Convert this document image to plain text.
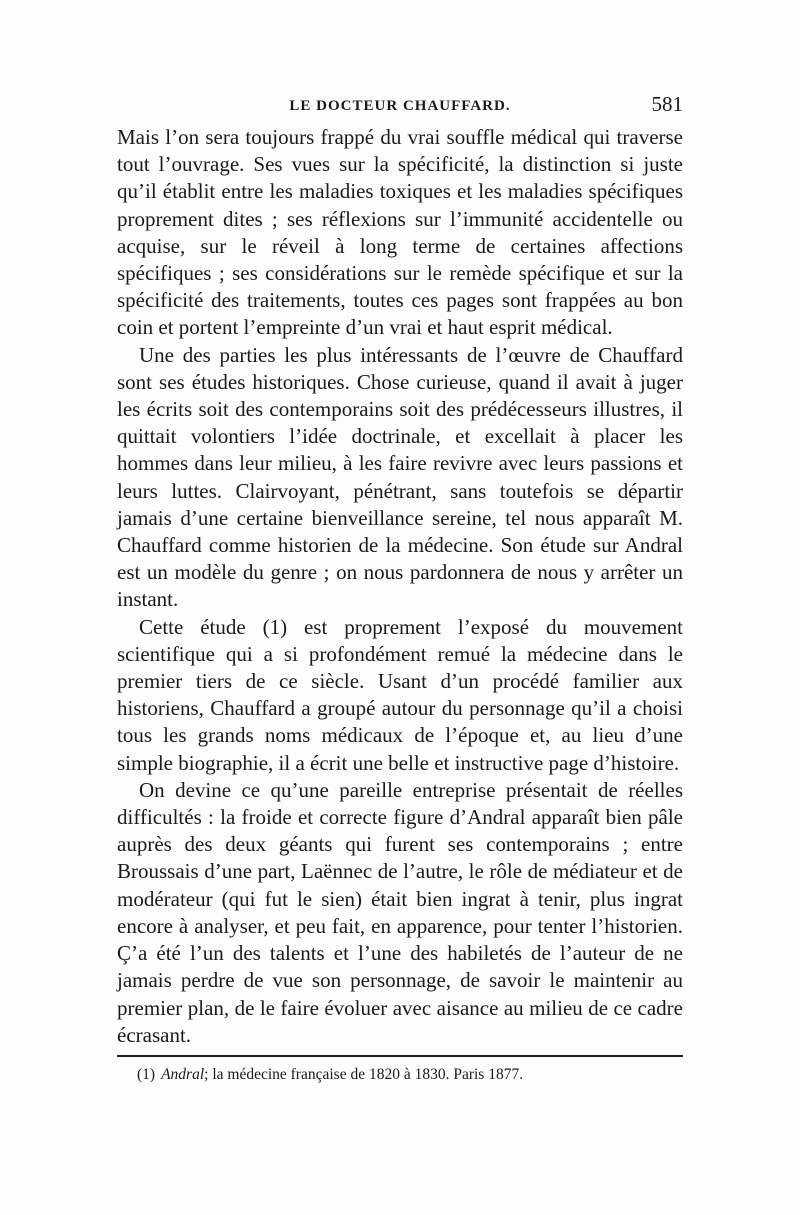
LE DOCTEUR CHAUFFARD.	581

Mais l’on sera toujours frappé du vrai souffle médical qui traverse tout l’ouvrage. Ses vues sur la spécificité, la distinction si juste qu’il établit entre les maladies toxiques et les maladies spécifiques proprement dites ; ses réflexions sur l’immunité accidentelle ou acquise, sur le réveil à long terme de certaines affections spécifiques ; ses considérations sur le remède spécifique et sur la spécificité des traitements, toutes ces pages sont frappées au bon coin et portent l’empreinte d’un vrai et haut esprit médical.

Une des parties les plus intéressants de l’œuvre de Chauffard sont ses études historiques. Chose curieuse, quand il avait à juger les écrits soit des contemporains soit des prédécesseurs illustres, il quittait volontiers l’idée doctrinale, et excellait à placer les hommes dans leur milieu, à les faire revivre avec leurs passions et leurs luttes. Clairvoyant, pénétrant, sans toutefois se départir jamais d’une certaine bienveillance sereine, tel nous apparaît M. Chauffard comme historien de la médecine. Son étude sur Andral est un modèle du genre ; on nous pardonnera de nous y arrêter un instant.

Cette étude (1) est proprement l’exposé du mouvement scientifique qui a si profondément remué la médecine dans le premier tiers de ce siècle. Usant d’un procédé familier aux historiens, Chauffard a groupé autour du personnage qu’il a choisi tous les grands noms médicaux de l’époque et, au lieu d’une simple biographie, il a écrit une belle et instructive page d’histoire.

On devine ce qu’une pareille entreprise présentait de réelles difficultés : la froide et correcte figure d’Andral apparaît bien pâle auprès des deux géants qui furent ses contemporains ; entre Broussais d’une part, Laënnec de l’autre, le rôle de médiateur et de modérateur (qui fut le sien) était bien ingrat à tenir, plus ingrat encore à analyser, et peu fait, en apparence, pour tenter l’historien. Ç’a été l’un des talents et l’une des habiletés de l’auteur de ne jamais perdre de vue son personnage, de savoir le maintenir au premier plan, de le faire évoluer avec aisance au milieu de ce cadre écrasant.

(1) Andral; la médecine française de 1820 à 1830. Paris 1877.
